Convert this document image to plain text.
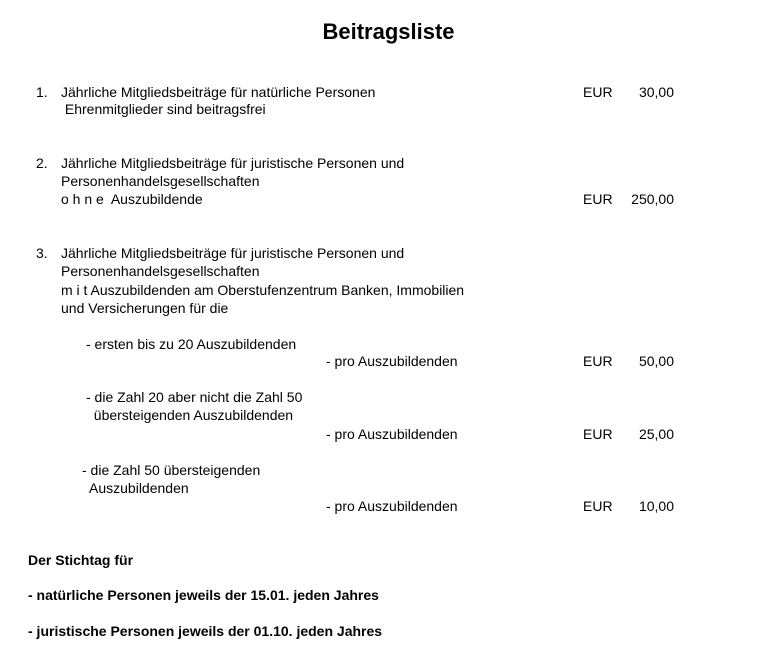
Beitragsliste
1. Jährliche Mitgliedsbeiträge für natürliche Personen
Ehrenmitglieder sind beitragsfrei
EUR	30,00
2. Jährliche Mitgliedsbeiträge für juristische Personen und
Personenhandelsgesellschaften
o h n e  Auszubildende	EUR	250,00
3. Jährliche Mitgliedsbeiträge für juristische Personen und
Personenhandelsgesellschaften
m i t Auszubildenden am Oberstufenzentrum Banken, Immobilien
und Versicherungen für die
- ersten bis zu 20 Auszubildenden
- pro Auszubildenden	EUR	50,00
- die Zahl 20 aber nicht die Zahl 50
übersteigenden Auszubildenden
- pro Auszubildenden	EUR	25,00
- die Zahl 50 übersteigenden
Auszubildenden
- pro Auszubildenden	EUR	10,00
Der Stichtag für
- natürliche Personen jeweils der 15.01. jeden Jahres
- juristische Personen jeweils der 01.10. jeden Jahres
